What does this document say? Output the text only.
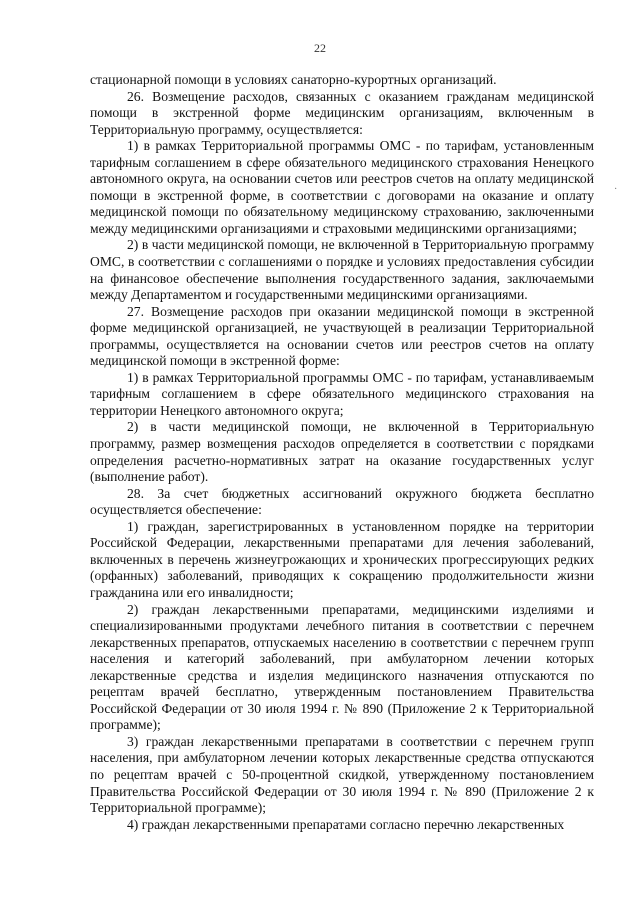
22
·

стационарной помощи в условиях санаторно-курортных организаций.

26. Возмещение расходов, связанных с оказанием гражданам медицинской помощи в экстренной форме медицинским организациям, включенным в Территориальную программу, осуществляется:

1) в рамках Территориальной программы ОМС - по тарифам, установленным тарифным соглашением в сфере обязательного медицинского страхования Ненецкого автономного округа, на основании счетов или реестров счетов на оплату медицинской помощи в экстренной форме, в соответствии с договорами на оказание и оплату медицинской помощи по обязательному медицинскому страхованию, заключенными между медицинскими организациями и страховыми медицинскими организациями;

2) в части медицинской помощи, не включенной в Территориальную программу ОМС, в соответствии с соглашениями о порядке и условиях предоставления субсидии на финансовое обеспечение выполнения государственного задания, заключаемыми между Департаментом и государственными медицинскими организациями.

27. Возмещение расходов при оказании медицинской помощи в экстренной форме медицинской организацией, не участвующей в реализации Территориальной программы, осуществляется на основании счетов или реестров счетов на оплату медицинской помощи в экстренной форме:

1) в рамках Территориальной программы ОМС - по тарифам, устанавливаемым тарифным соглашением в сфере обязательного медицинского страхования на территории Ненецкого автономного округа;

2) в части медицинской помощи, не включенной в Территориальную программу, размер возмещения расходов определяется в соответствии с порядками определения расчетно-нормативных затрат на оказание государственных услуг (выполнение работ).

28. За счет бюджетных ассигнований окружного бюджета бесплатно осуществляется обеспечение:

1) граждан, зарегистрированных в установленном порядке на территории Российской Федерации, лекарственными препаратами для лечения заболеваний, включенных в перечень жизнеугрожающих и хронических прогрессирующих редких (орфанных) заболеваний, приводящих к сокращению продолжительности жизни гражданина или его инвалидности;

2) граждан лекарственными препаратами, медицинскими изделиями и специализированными продуктами лечебного питания в соответствии с перечнем лекарственных препаратов, отпускаемых населению в соответствии с перечнем групп населения и категорий заболеваний, при амбулаторном лечении которых лекарственные средства и изделия медицинского назначения отпускаются по рецептам врачей бесплатно, утвержденным постановлением Правительства Российской Федерации от 30 июля 1994 г. № 890 (Приложение 2 к Территориальной программе);

3) граждан лекарственными препаратами в соответствии с перечнем групп населения, при амбулаторном лечении которых лекарственные средства отпускаются по рецептам врачей с 50-процентной скидкой, утвержденному постановлением Правительства Российской Федерации от 30 июля 1994 г. № 890 (Приложение 2 к Территориальной программе);

4) граждан лекарственными препаратами согласно перечню лекарственных
